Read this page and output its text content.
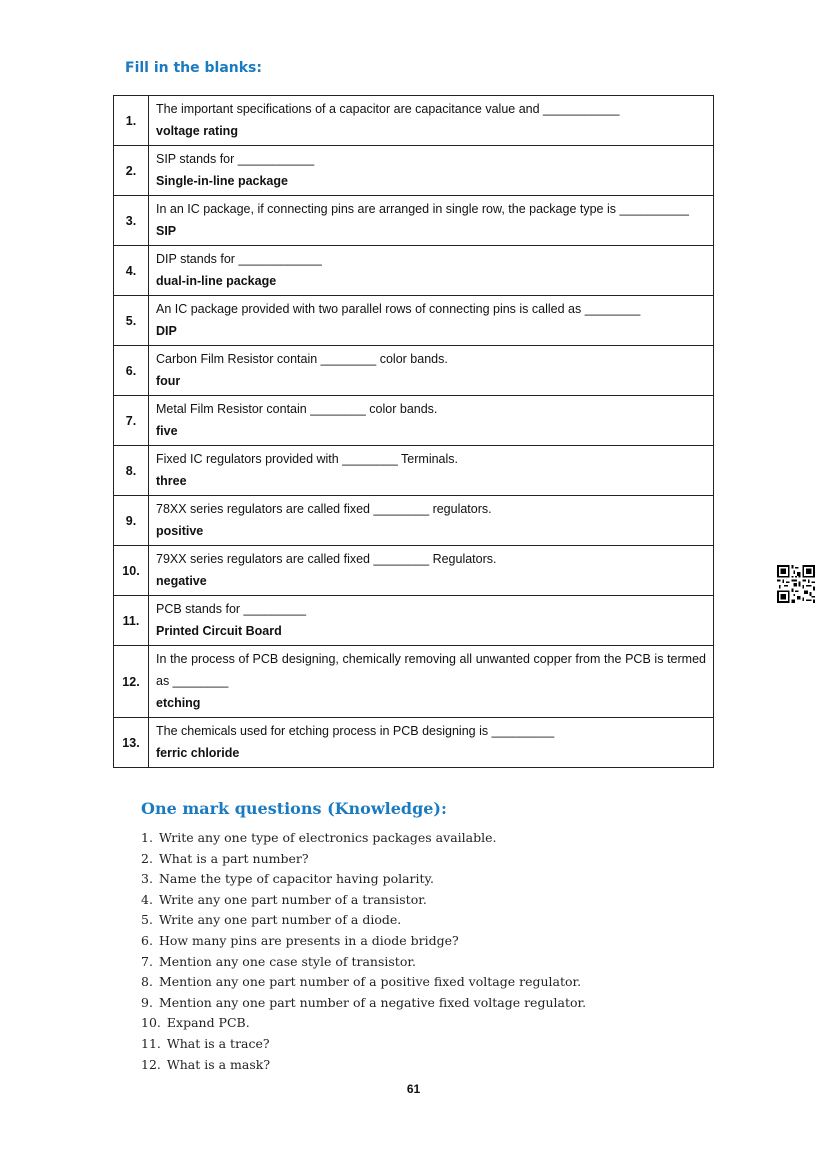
Fill in the blanks:
1.	The important specifications of a capacitor are capacitance value and ___________
voltage rating

2.	SIP stands for ___________
Single-in-line package

3.	In an IC package, if connecting pins are arranged in single row, the package type is __________
SIP

4.	DIP stands for ____________
dual-in-line package

5.	An IC package provided with two parallel rows of connecting pins is called as ________
DIP

6.	Carbon Film Resistor contain ________ color bands.
four

7.	Metal Film Resistor contain ________ color bands.
five

8.	Fixed IC regulators provided with ________ Terminals.
three

9.	78XX series regulators are called fixed ________ regulators.
positive

10.	79XX series regulators are called fixed ________ Regulators.
negative

11.	PCB stands for _________
Printed Circuit Board

12.	In the process of PCB designing, chemically removing all unwanted copper from the PCB is termed as ________
etching

13.	The chemicals used for etching process in PCB designing is _________
ferric chloride
One mark questions (Knowledge):
1. Write any one type of electronics packages available.
2. What is a part number?
3. Name the type of capacitor having polarity.
4. Write any one part number of a transistor.
5. Write any one part number of a diode.
6. How many pins are presents in a diode bridge?
7. Mention any one case style of transistor.
8. Mention any one part number of a positive fixed voltage regulator.
9. Mention any one part number of a negative fixed voltage regulator.
10. Expand PCB.
11. What is a trace?
12. What is a mask?
61
